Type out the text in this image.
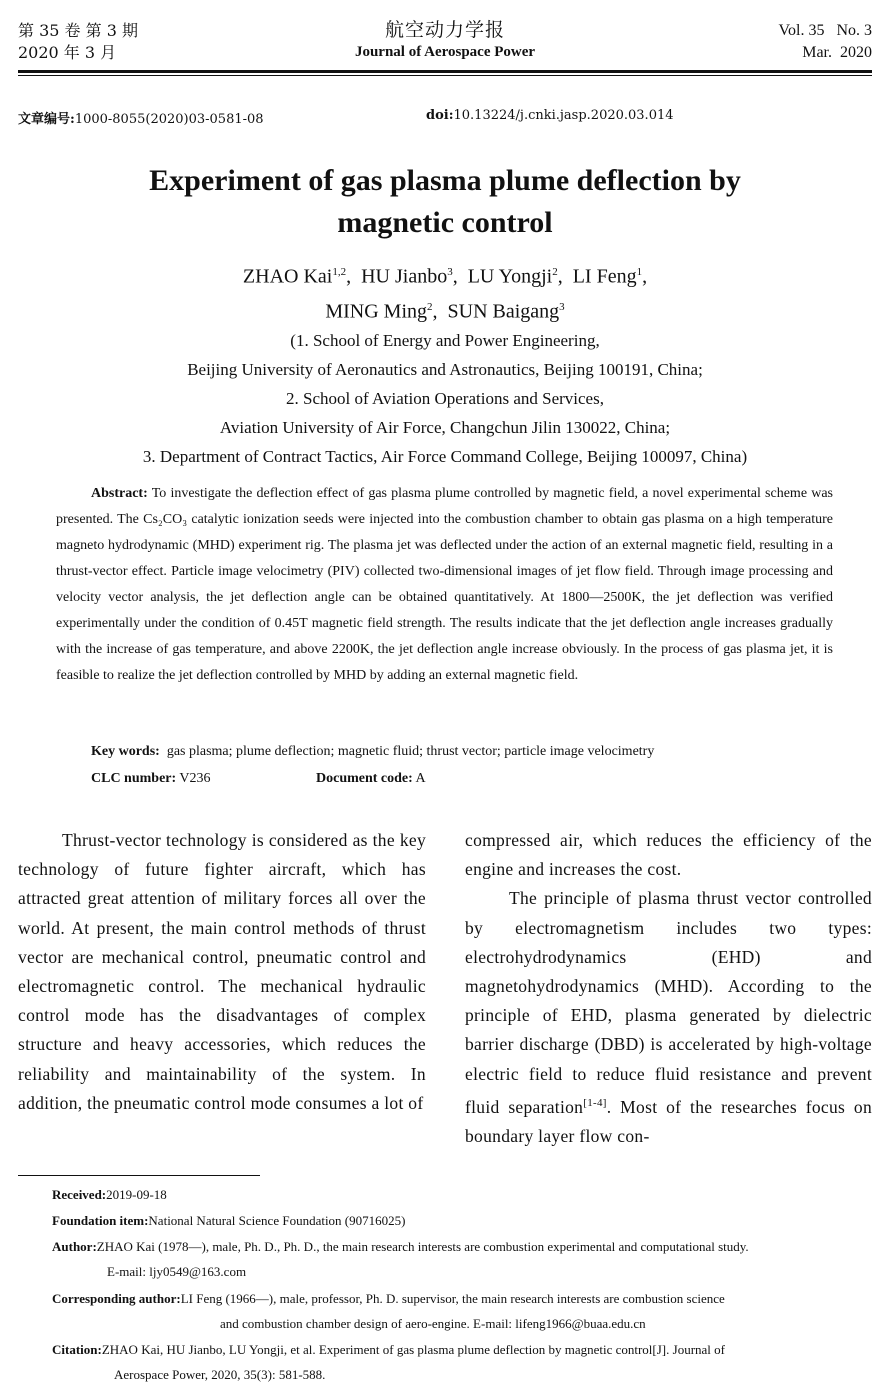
第 35 卷 第 3 期
2020 年 3 月
航空动力学报
Journal of Aerospace Power
Vol. 35   No. 3
Mar.  2020
文章编号:1000-8055(2020)03-0581-08	doi:10.13224/j.cnki.jasp.2020.03.014
Experiment of gas plasma plume deflection by
magnetic control
ZHAO Kai$^{1,2}$,  HU Jianbo$^3$,  LU Yongji$^2$,  LI Feng$^1$,
MING Ming$^2$,  SUN Baigang$^3$
(1. School of Energy and Power Engineering,
Beijing University of Aeronautics and Astronautics, Beijing 100191, China;
2. School of Aviation Operations and Services,
Aviation University of Air Force, Changchun Jilin 130022, China;
3. Department of Contract Tactics, Air Force Command College, Beijing 100097, China)
Abstract: To investigate the deflection effect of gas plasma plume controlled by magnetic field, a novel experimental scheme was presented. The Cs₂CO₃ catalytic ionization seeds were injected into the combustion chamber to obtain gas plasma on a high temperature magneto hydrodynamic (MHD) experiment rig. The plasma jet was deflected under the action of an external magnetic field, resulting in a thrust-vector effect. Particle image velocimetry (PIV) collected two-dimensional images of jet flow field. Through image processing and velocity vector analysis, the jet deflection angle can be obtained quantitatively. At 1800—2500K, the jet deflection was verified experimentally under the condition of 0.45T magnetic field strength. The results indicate that the jet deflection angle increases gradually with the increase of gas temperature, and above 2200K, the jet deflection angle increase obviously. In the process of gas plasma jet, it is feasible to realize the jet deflection controlled by MHD by adding an external magnetic field.
Key words:  gas plasma; plume deflection; magnetic fluid; thrust vector; particle image velocimetry
CLC number: V236	Document code: A

Thrust-vector technology is considered as the key technology of future fighter aircraft, which has attracted great attention of military forces all over the world. At present, the main control methods of thrust vector are mechanical control, pneumatic control and electromagnetic control. The mechanical hydraulic control mode has the disadvantages of complex structure and heavy accessories, which reduces the reliability and maintainability of the system. In addition, the pneumatic control mode consumes a lot of

compressed air, which reduces the efficiency of the engine and increases the cost.

The principle of plasma thrust vector controlled by electromagnetism includes two types: electrohydrodynamics (EHD) and magnetohydrodynamics (MHD). According to the principle of EHD, plasma generated by dielectric barrier discharge (DBD) is accelerated by high-voltage electric field to reduce fluid resistance and prevent fluid separation[1-4]. Most of the researches focus on boundary layer flow con-

Received:2019-09-18
Foundation item:National Natural Science Foundation (90716025)
Author:ZHAO Kai (1978—), male, Ph. D., Ph. D., the main research interests are combustion experimental and computational study.
E-mail: ljy0549@163.com
Corresponding author:LI Feng (1966—), male, professor, Ph. D. supervisor, the main research interests are combustion science
and combustion chamber design of aero-engine. E-mail: lifeng1966@buaa.edu.cn
Citation:ZHAO Kai, HU Jianbo, LU Yongji, et al. Experiment of gas plasma plume deflection by magnetic control[J]. Journal of
Aerospace Power, 2020, 35(3): 581-588.
